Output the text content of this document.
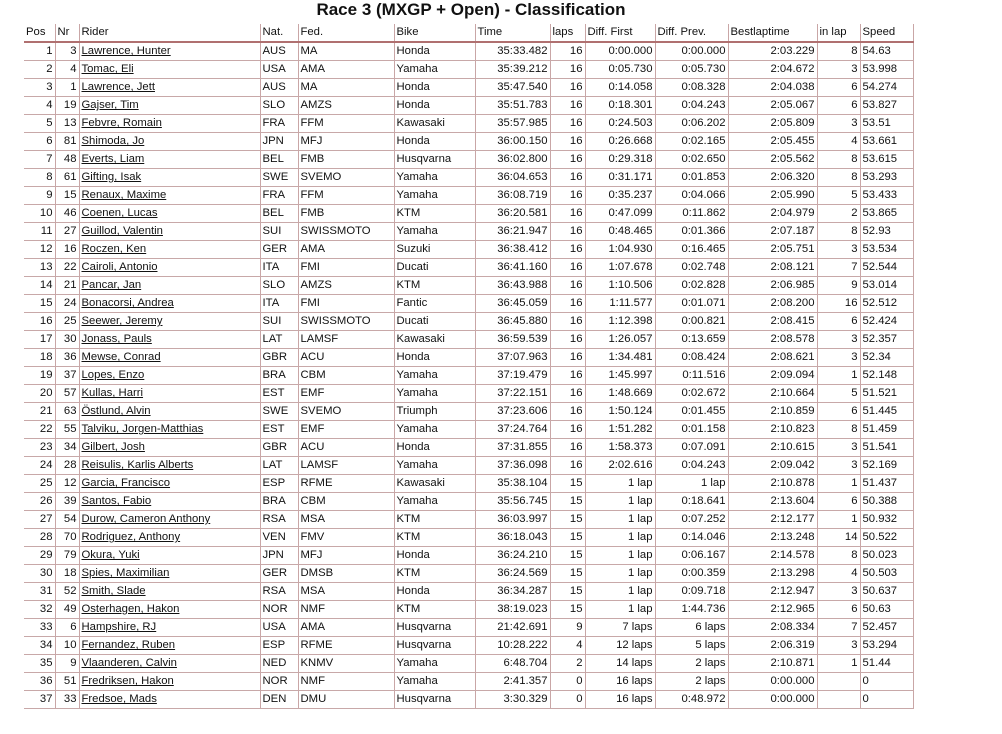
Race 3 (MXGP + Open) - Classification
Pos	Nr	Rider	Nat.	Fed.	Bike	Time	laps	Diff. First	Diff. Prev.	Bestlaptime	in lap	Speed
1	3	Lawrence, Hunter	AUS	MA	Honda	35:33.482	16	0:00.000	0:00.000	2:03.229	8	54.63
2	4	Tomac, Eli	USA	AMA	Yamaha	35:39.212	16	0:05.730	0:05.730	2:04.672	3	53.998
3	1	Lawrence, Jett	AUS	MA	Honda	35:47.540	16	0:14.058	0:08.328	2:04.038	6	54.274
4	19	Gajser, Tim	SLO	AMZS	Honda	35:51.783	16	0:18.301	0:04.243	2:05.067	6	53.827
5	13	Febvre, Romain	FRA	FFM	Kawasaki	35:57.985	16	0:24.503	0:06.202	2:05.809	3	53.51
6	81	Shimoda, Jo	JPN	MFJ	Honda	36:00.150	16	0:26.668	0:02.165	2:05.455	4	53.661
7	48	Everts, Liam	BEL	FMB	Husqvarna	36:02.800	16	0:29.318	0:02.650	2:05.562	8	53.615
8	61	Gifting, Isak	SWE	SVEMO	Yamaha	36:04.653	16	0:31.171	0:01.853	2:06.320	8	53.293
9	15	Renaux, Maxime	FRA	FFM	Yamaha	36:08.719	16	0:35.237	0:04.066	2:05.990	5	53.433
10	46	Coenen, Lucas	BEL	FMB	KTM	36:20.581	16	0:47.099	0:11.862	2:04.979	2	53.865
11	27	Guillod, Valentin	SUI	SWISSMOTO	Yamaha	36:21.947	16	0:48.465	0:01.366	2:07.187	8	52.93
12	16	Roczen, Ken	GER	AMA	Suzuki	36:38.412	16	1:04.930	0:16.465	2:05.751	3	53.534
13	22	Cairoli, Antonio	ITA	FMI	Ducati	36:41.160	16	1:07.678	0:02.748	2:08.121	7	52.544
14	21	Pancar, Jan	SLO	AMZS	KTM	36:43.988	16	1:10.506	0:02.828	2:06.985	9	53.014
15	24	Bonacorsi, Andrea	ITA	FMI	Fantic	36:45.059	16	1:11.577	0:01.071	2:08.200	16	52.512
16	25	Seewer, Jeremy	SUI	SWISSMOTO	Ducati	36:45.880	16	1:12.398	0:00.821	2:08.415	6	52.424
17	30	Jonass, Pauls	LAT	LAMSF	Kawasaki	36:59.539	16	1:26.057	0:13.659	2:08.578	3	52.357
18	36	Mewse, Conrad	GBR	ACU	Honda	37:07.963	16	1:34.481	0:08.424	2:08.621	3	52.34
19	37	Lopes, Enzo	BRA	CBM	Yamaha	37:19.479	16	1:45.997	0:11.516	2:09.094	1	52.148
20	57	Kullas, Harri	EST	EMF	Yamaha	37:22.151	16	1:48.669	0:02.672	2:10.664	5	51.521
21	63	Östlund, Alvin	SWE	SVEMO	Triumph	37:23.606	16	1:50.124	0:01.455	2:10.859	6	51.445
22	55	Talviku, Jorgen-Matthias	EST	EMF	Yamaha	37:24.764	16	1:51.282	0:01.158	2:10.823	8	51.459
23	34	Gilbert, Josh	GBR	ACU	Honda	37:31.855	16	1:58.373	0:07.091	2:10.615	3	51.541
24	28	Reisulis, Karlis Alberts	LAT	LAMSF	Yamaha	37:36.098	16	2:02.616	0:04.243	2:09.042	3	52.169
25	12	Garcia, Francisco	ESP	RFME	Kawasaki	35:38.104	15	1 lap	1 lap	2:10.878	1	51.437
26	39	Santos, Fabio	BRA	CBM	Yamaha	35:56.745	15	1 lap	0:18.641	2:13.604	6	50.388
27	54	Durow, Cameron Anthony	RSA	MSA	KTM	36:03.997	15	1 lap	0:07.252	2:12.177	1	50.932
28	70	Rodriguez, Anthony	VEN	FMV	KTM	36:18.043	15	1 lap	0:14.046	2:13.248	14	50.522
29	79	Okura, Yuki	JPN	MFJ	Honda	36:24.210	15	1 lap	0:06.167	2:14.578	8	50.023
30	18	Spies, Maximilian	GER	DMSB	KTM	36:24.569	15	1 lap	0:00.359	2:13.298	4	50.503
31	52	Smith, Slade	RSA	MSA	Honda	36:34.287	15	1 lap	0:09.718	2:12.947	3	50.637
32	49	Osterhagen, Hakon	NOR	NMF	KTM	38:19.023	15	1 lap	1:44.736	2:12.965	6	50.63
33	6	Hampshire, RJ	USA	AMA	Husqvarna	21:42.691	9	7 laps	6 laps	2:08.334	7	52.457
34	10	Fernandez, Ruben	ESP	RFME	Husqvarna	10:28.222	4	12 laps	5 laps	2:06.319	3	53.294
35	9	Vlaanderen, Calvin	NED	KNMV	Yamaha	6:48.704	2	14 laps	2 laps	2:10.871	1	51.44
36	51	Fredriksen, Hakon	NOR	NMF	Yamaha	2:41.357	0	16 laps	2 laps	0:00.000		0
37	33	Fredsoe, Mads	DEN	DMU	Husqvarna	3:30.329	0	16 laps	0:48.972	0:00.000		0
